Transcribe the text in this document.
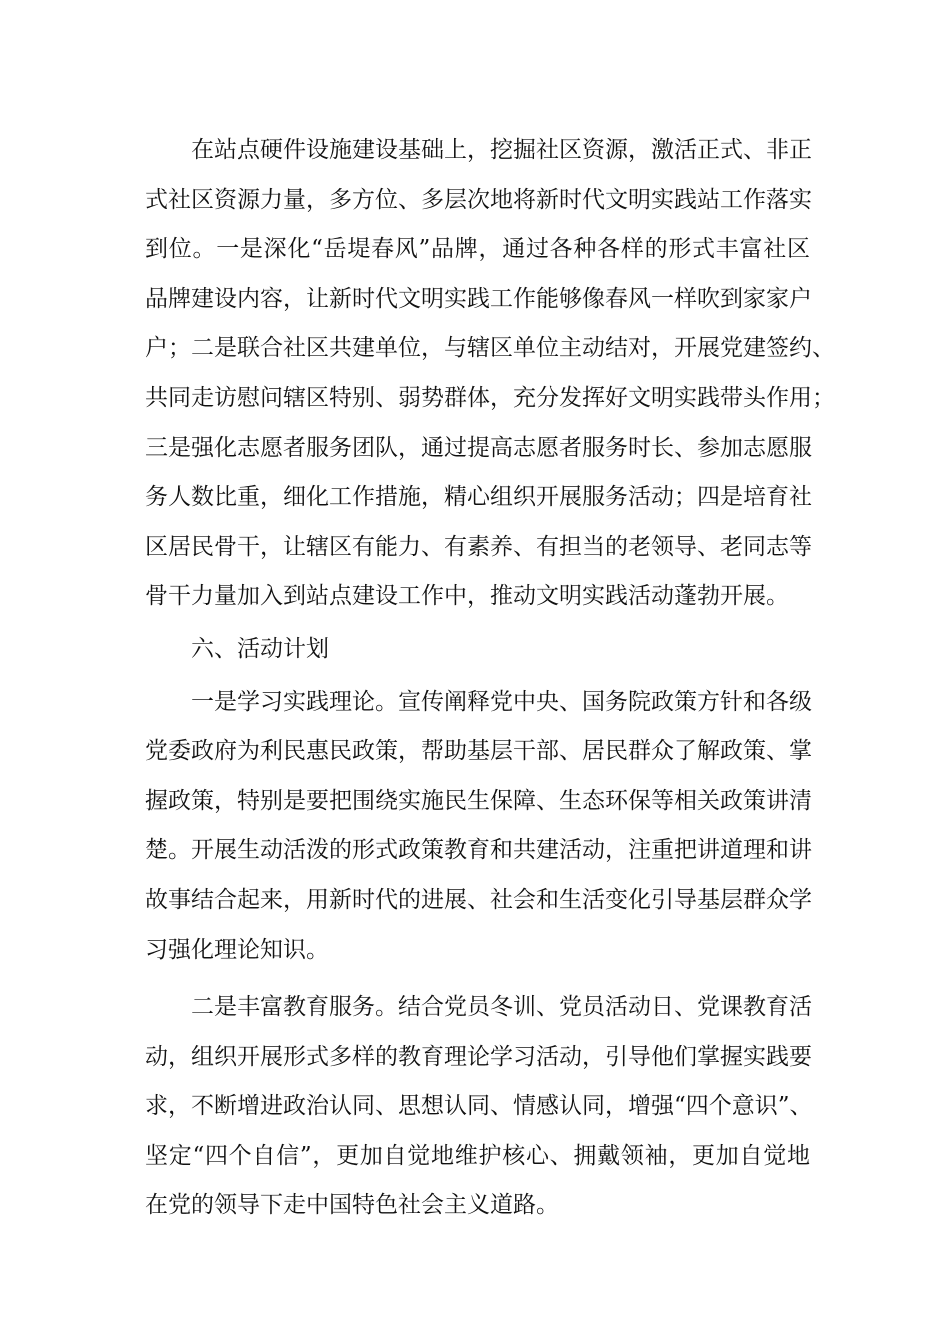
在站点硬件设施建设基础上，挖掘社区资源，激活正式、非正
式社区资源力量，多方位、多层次地将新时代文明实践站工作落实
到位。一是深化“岳堤春风”品牌，通过各种各样的形式丰富社区
品牌建设内容，让新时代文明实践工作能够像春风一样吹到家家户
户；二是联合社区共建单位，与辖区单位主动结对，开展党建签约、
共同走访慰问辖区特别、弱势群体，充分发挥好文明实践带头作用；
三是强化志愿者服务团队，通过提高志愿者服务时长、参加志愿服
务人数比重，细化工作措施，精心组织开展服务活动；四是培育社
区居民骨干，让辖区有能力、有素养、有担当的老领导、老同志等
骨干力量加入到站点建设工作中，推动文明实践活动蓬勃开展。
六、活动计划
一是学习实践理论。宣传阐释党中央、国务院政策方针和各级
党委政府为利民惠民政策，帮助基层干部、居民群众了解政策、掌
握政策，特别是要把围绕实施民生保障、生态环保等相关政策讲清
楚。开展生动活泼的形式政策教育和共建活动，注重把讲道理和讲
故事结合起来，用新时代的进展、社会和生活变化引导基层群众学
习强化理论知识。
二是丰富教育服务。结合党员冬训、党员活动日、党课教育活
动，组织开展形式多样的教育理论学习活动，引导他们掌握实践要
求，不断增进政治认同、思想认同、情感认同，增强“四个意识”、
坚定“四个自信”，更加自觉地维护核心、拥戴领袖，更加自觉地
在党的领导下走中国特色社会主义道路。
